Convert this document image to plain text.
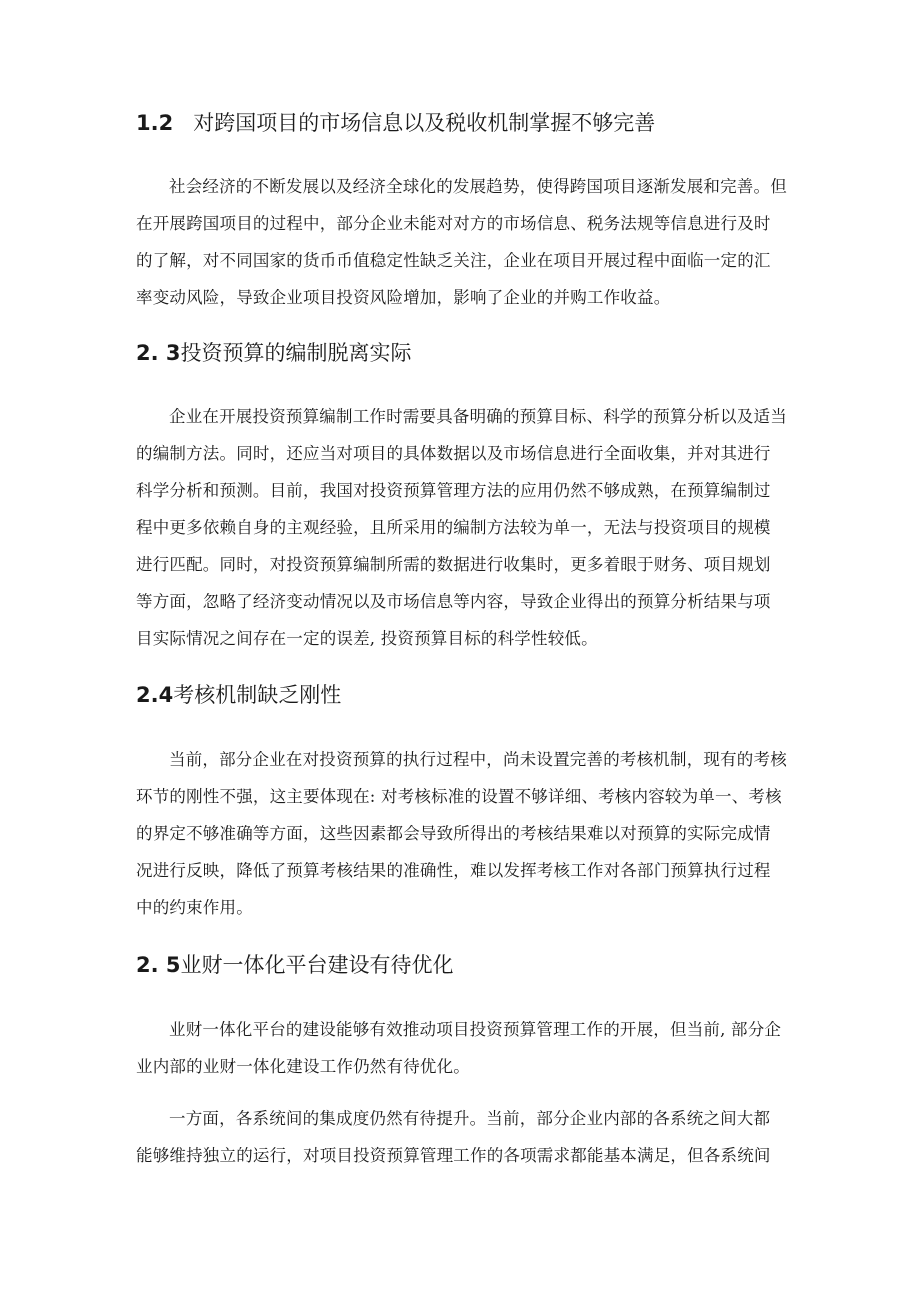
1.2 对跨国项目的市场信息以及税收机制掌握不够完善
社会经济的不断发展以及经济全球化的发展趋势，使得跨国项目逐渐发展和完善。但
在开展跨国项目的过程中，部分企业未能对对方的市场信息、税务法规等信息进行及时
的了解，对不同国家的货币币值稳定性缺乏关注，企业在项目开展过程中面临一定的汇
率变动风险，导致企业项目投资风险增加，影响了企业的并购工作收益。
2. 3投资预算的编制脱离实际
企业在开展投资预算编制工作时需要具备明确的预算目标、科学的预算分析以及适当
的编制方法。同时，还应当对项目的具体数据以及市场信息进行全面收集，并对其进行
科学分析和预测。目前，我国对投资预算管理方法的应用仍然不够成熟，在预算编制过
程中更多依赖自身的主观经验，且所采用的编制方法较为单一，无法与投资项目的规模
进行匹配。同时，对投资预算编制所需的数据进行收集时，更多着眼于财务、项目规划
等方面，忽略了经济变动情况以及市场信息等内容，导致企业得出的预算分析结果与项
目实际情况之间存在一定的误差, 投资预算目标的科学性较低。
2.4考核机制缺乏刚性
当前，部分企业在对投资预算的执行过程中，尚未设置完善的考核机制，现有的考核
环节的刚性不强，这主要体现在: 对考核标准的设置不够详细、考核内容较为单一、考核
的界定不够准确等方面，这些因素都会导致所得出的考核结果难以对预算的实际完成情
况进行反映，降低了预算考核结果的准确性，难以发挥考核工作对各部门预算执行过程
中的约束作用。
2. 5业财一体化平台建设有待优化
业财一体化平台的建设能够有效推动项目投资预算管理工作的开展，但当前, 部分企
业内部的业财一体化建设工作仍然有待优化。
一方面，各系统间的集成度仍然有待提升。当前，部分企业内部的各系统之间大都
能够维持独立的运行，对项目投资预算管理工作的各项需求都能基本满足，但各系统间
